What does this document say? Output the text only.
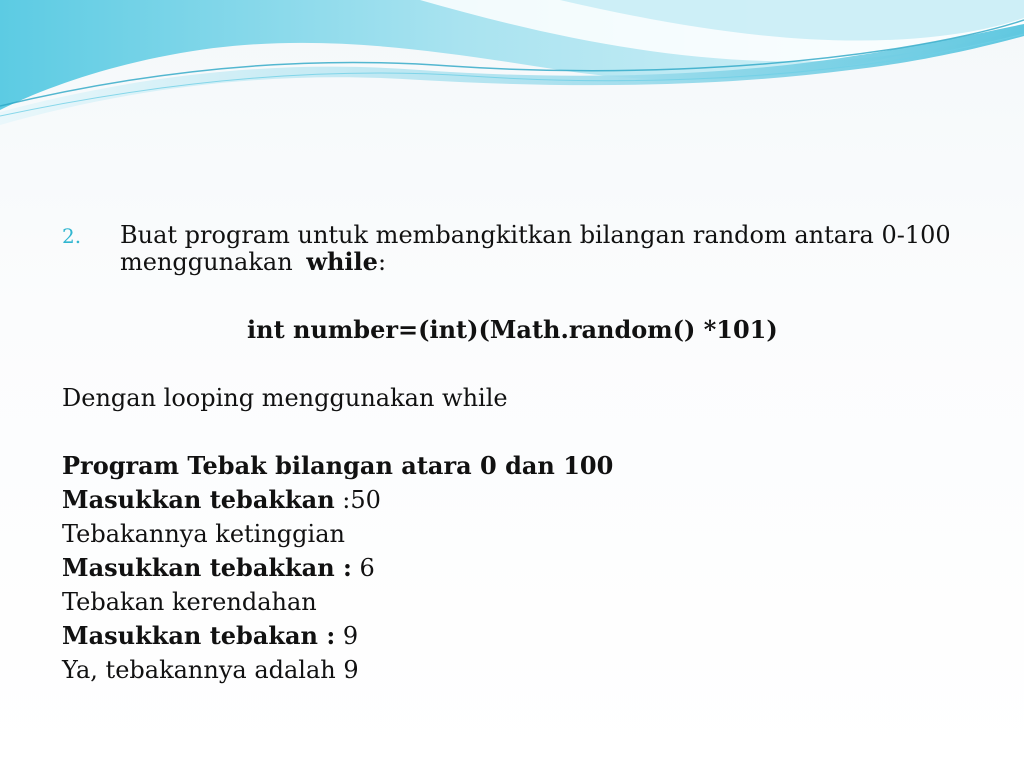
2. Buat program untuk membangkitkan bilangan random antara 0-100
menggunakan while:
int number=(int)(Math.random() *101)
Dengan looping menggunakan while
Program Tebak bilangan atara 0 dan 100
Masukkan tebakkan :50
Tebakannya ketinggian
Masukkan tebakkan : 6
Tebakan kerendahan
Masukkan tebakan : 9
Ya, tebakannya adalah 9
